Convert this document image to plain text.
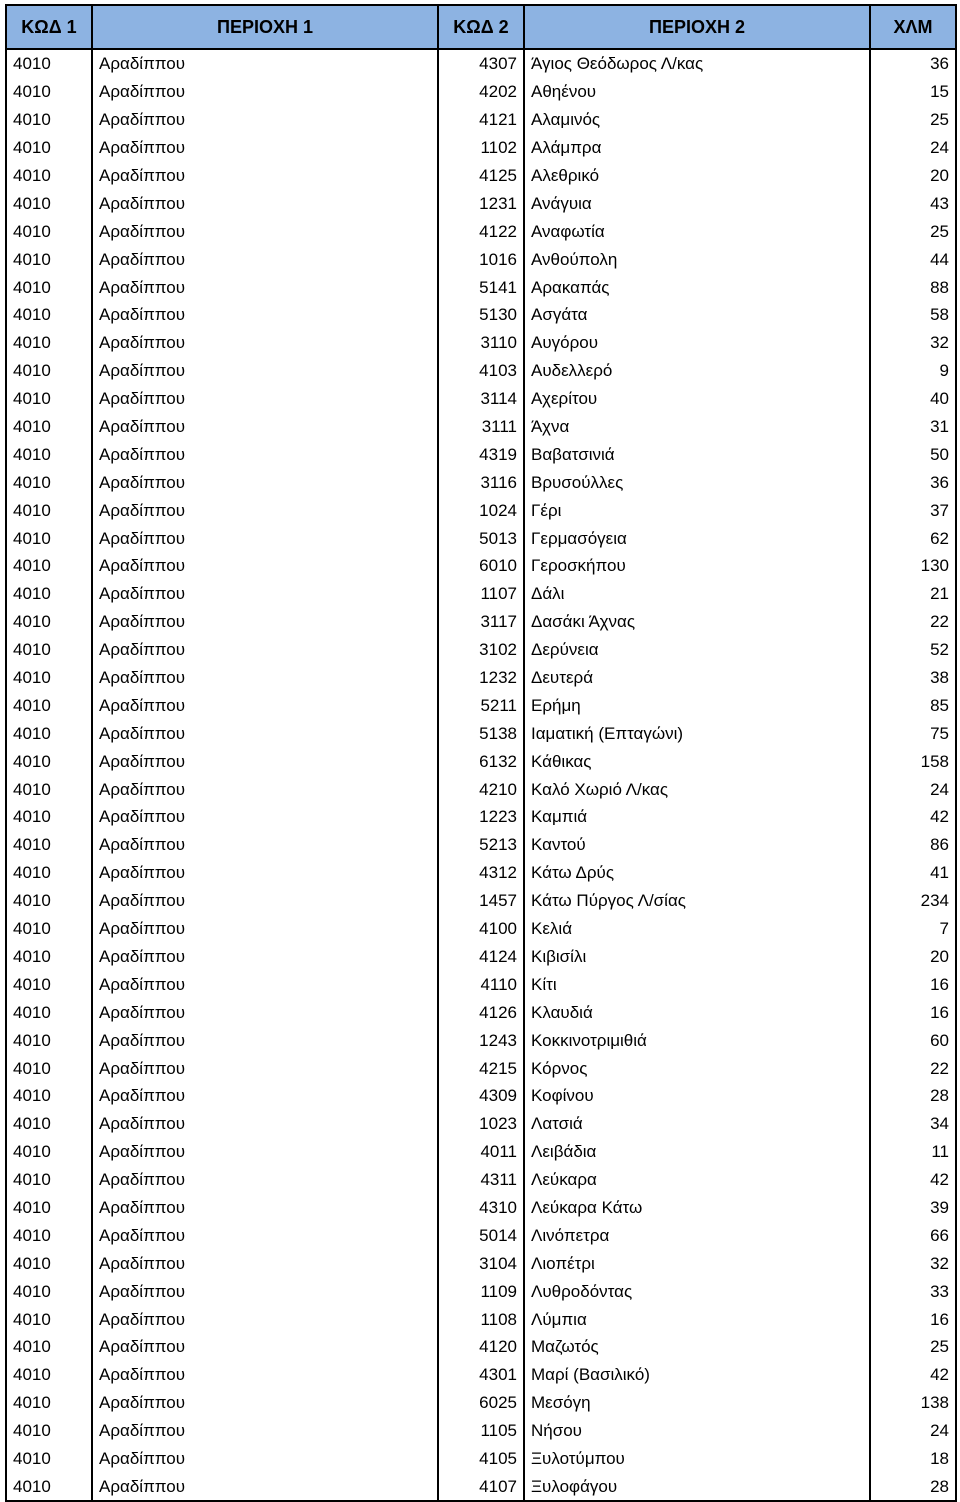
ΚΩΔ 1	ΠΕΡΙΟΧΗ 1	ΚΩΔ 2	ΠΕΡΙΟΧΗ 2	ΧΛΜ
4010	Αραδίππου	4307	Άγιος Θεόδωρος Λ/κας	36
4010	Αραδίππου	4202	Αθηένου	15
4010	Αραδίππου	4121	Αλαμινός	25
4010	Αραδίππου	1102	Αλάμπρα	24
4010	Αραδίππου	4125	Αλεθρικό	20
4010	Αραδίππου	1231	Ανάγυια	43
4010	Αραδίππου	4122	Αναφωτία	25
4010	Αραδίππου	1016	Ανθούπολη	44
4010	Αραδίππου	5141	Αρακαπάς	88
4010	Αραδίππου	5130	Ασγάτα	58
4010	Αραδίππου	3110	Αυγόρου	32
4010	Αραδίππου	4103	Αυδελλερό	9
4010	Αραδίππου	3114	Αχερίτου	40
4010	Αραδίππου	3111	Άχνα	31
4010	Αραδίππου	4319	Βαβατσινιά	50
4010	Αραδίππου	3116	Βρυσούλλες	36
4010	Αραδίππου	1024	Γέρι	37
4010	Αραδίππου	5013	Γερμασόγεια	62
4010	Αραδίππου	6010	Γεροσκήπου	130
4010	Αραδίππου	1107	Δάλι	21
4010	Αραδίππου	3117	Δασάκι Άχνας	22
4010	Αραδίππου	3102	Δερύνεια	52
4010	Αραδίππου	1232	Δευτερά	38
4010	Αραδίππου	5211	Ερήμη	85
4010	Αραδίππου	5138	Ιαματική (Επταγώνι)	75
4010	Αραδίππου	6132	Κάθικας	158
4010	Αραδίππου	4210	Καλό Χωριό Λ/κας	24
4010	Αραδίππου	1223	Καμπιά	42
4010	Αραδίππου	5213	Καντού	86
4010	Αραδίππου	4312	Κάτω Δρύς	41
4010	Αραδίππου	1457	Κάτω Πύργος Λ/σίας	234
4010	Αραδίππου	4100	Κελιά	7
4010	Αραδίππου	4124	Κιβισίλι	20
4010	Αραδίππου	4110	Κίτι	16
4010	Αραδίππου	4126	Κλαυδιά	16
4010	Αραδίππου	1243	Κοκκινοτριμιθιά	60
4010	Αραδίππου	4215	Κόρνος	22
4010	Αραδίππου	4309	Κοφίνου	28
4010	Αραδίππου	1023	Λατσιά	34
4010	Αραδίππου	4011	Λειβάδια	11
4010	Αραδίππου	4311	Λεύκαρα	42
4010	Αραδίππου	4310	Λεύκαρα Κάτω	39
4010	Αραδίππου	5014	Λινόπετρα	66
4010	Αραδίππου	3104	Λιοπέτρι	32
4010	Αραδίππου	1109	Λυθροδόντας	33
4010	Αραδίππου	1108	Λύμπια	16
4010	Αραδίππου	4120	Μαζωτός	25
4010	Αραδίππου	4301	Μαρί (Βασιλικό)	42
4010	Αραδίππου	6025	Μεσόγη	138
4010	Αραδίππου	1105	Νήσου	24
4010	Αραδίππου	4105	Ξυλοτύμπου	18
4010	Αραδίππου	4107	Ξυλοφάγου	28
